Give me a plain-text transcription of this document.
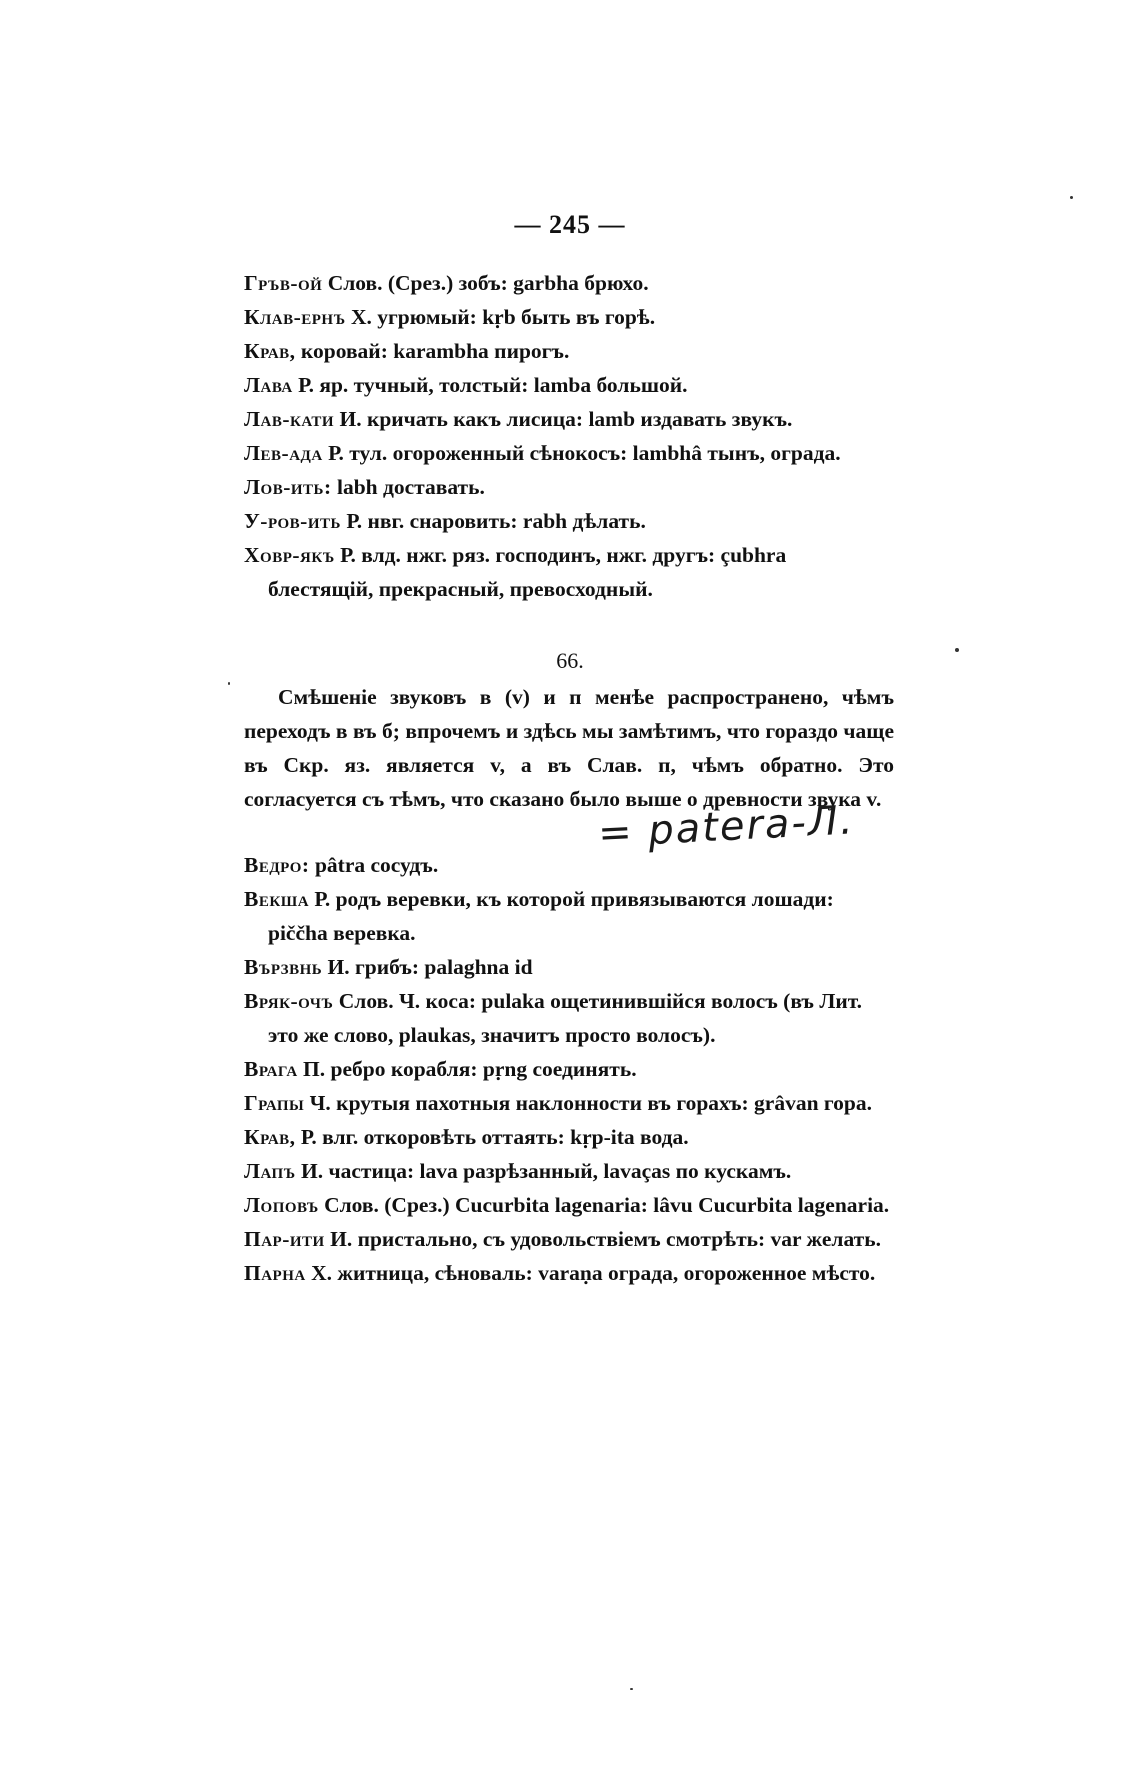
— 245 —
Гръв-ой Слов. (Срез.) зобъ: garbha брюхо.
Клав-ернъ Х. угрюмый: kṛb быть въ горѣ.
Крав, коровай: karambha пирогъ.
Лава Р. яр. тучный, толстый: lamba большой.
Лав-кати И. кричать какъ лисица: lamb издавать звукъ.
Лев-ада Р. тул. огороженный сѣнокосъ: lambhâ тынъ, ограда.
Лов-ить: labh доставать.
У-ров-ить Р. нвг. снаровить: rabh дѣлать.
Ховр-якъ Р. влд. нжг. ряз. господинъ, нжг. другъ: çubhra блестящій, прекрасный, превосходный.
66.

Смѣшеніе звуковъ в (v) и п менѣе распространено, чѣмъ переходъ в въ б; впрочемъ и здѣсь мы замѣтимъ, что гораздо чаще въ Скр. яз. является v, а въ Слав. п, чѣмъ обратно. Это согласуется съ тѣмъ, что сказано было выше о древности звука v.

= patera-Л.
Ведро: pâtra сосудъ.
Векша Р. родъ веревки, къ которой привязываются лошади: piččha веревка.
Вързвнь И. грибъ: palaghna id
Вряк-очъ Слов. Ч. коса: pulaka ощетинившійся волосъ (въ Лит. это же слово, plaukas, значитъ просто волосъ).
Врага П. ребро корабля: pṛng соединять.
Грапы Ч. крутыя пахотныя наклонности въ горахъ: grâvan гора.
Крав, Р. влг. откоровѣть оттаять: kṛp-ita вода.
Лапъ И. частица: lava разрѣзанный, lavaças по кускамъ.
Лоповъ Слов. (Срез.) Cucurbita lagenaria: lâvu Cucurbita lagenaria.
Пар-ити И. пристально, съ удовольствіемъ смотрѣть: var желать.
Парна Х. житница, сѣноваль: varaṇa ограда, огороженное мѣсто.
